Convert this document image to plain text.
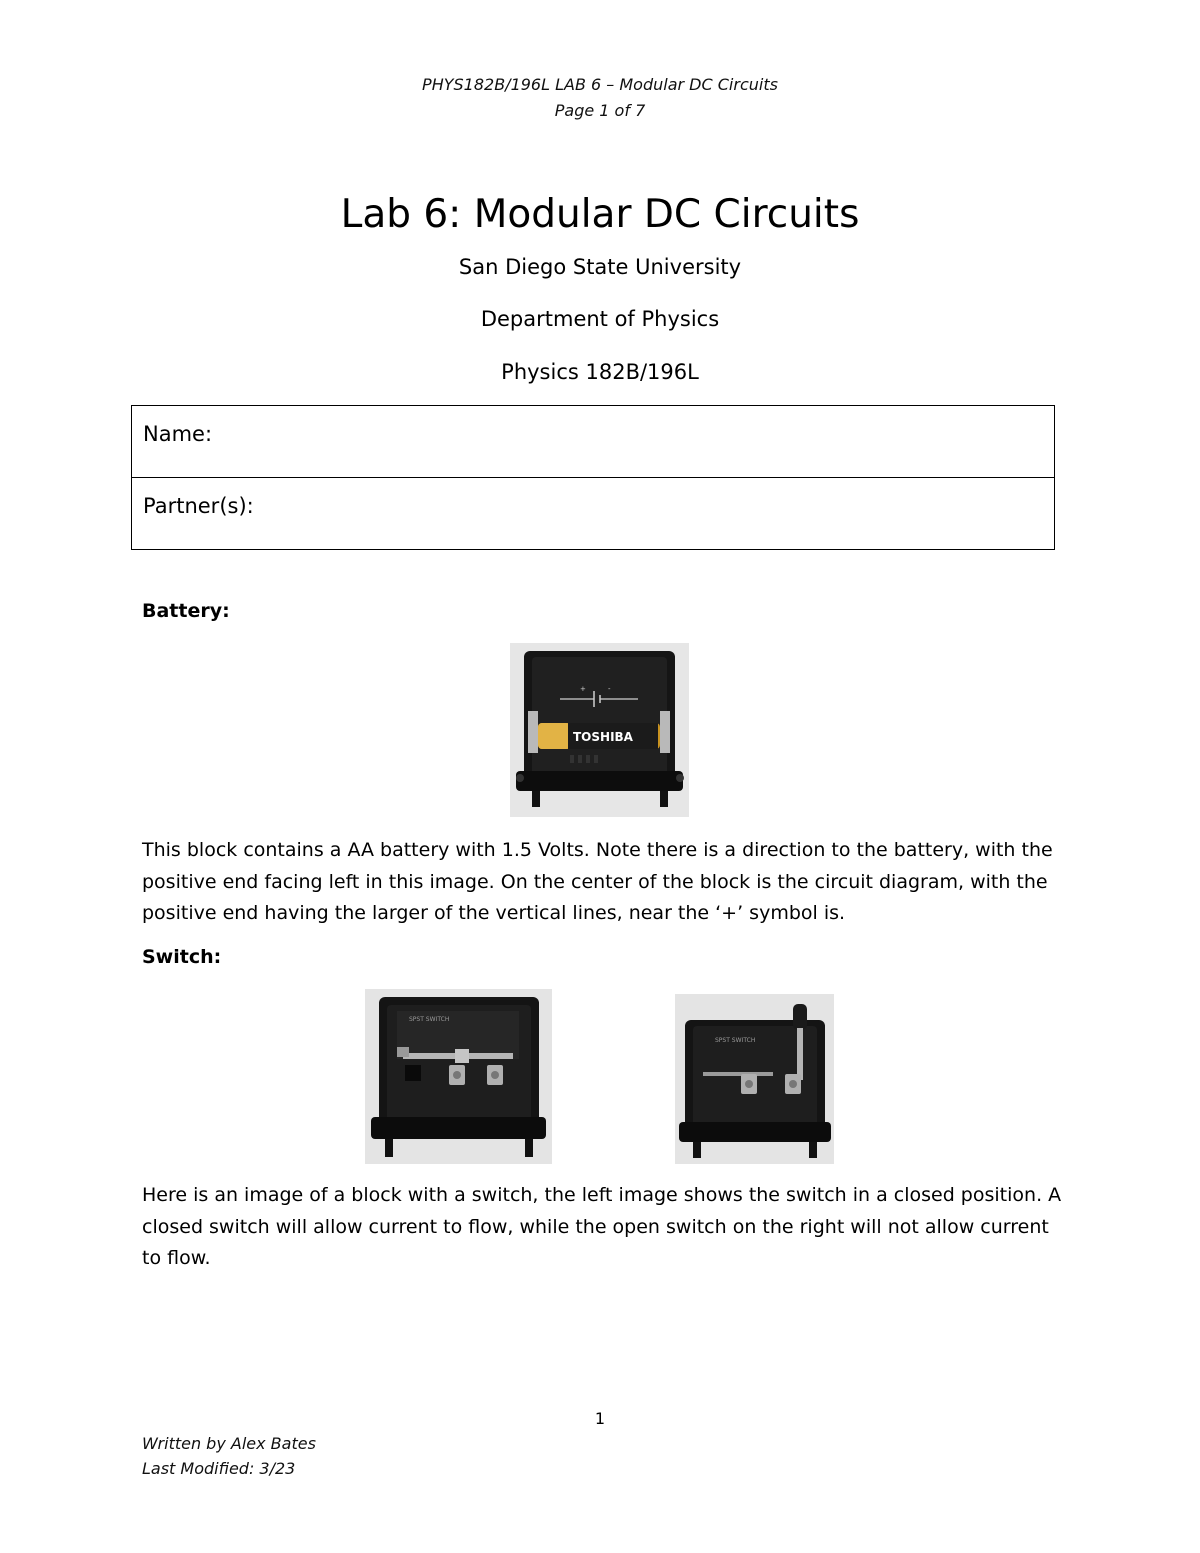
PHYS182B/196L LAB 6 – Modular DC Circuits
Page 1 of 7
Lab 6: Modular DC Circuits
San Diego State University
Department of Physics
Physics 182B/196L
Name:
Partner(s):
Battery:
+	-
TOSHIBA
This block contains a AA battery with 1.5 Volts. Note there is a direction to the battery, with the positive end facing left in this image. On the center of the block is the circuit diagram, with the positive end having the larger of the vertical lines, near the ‘+’ symbol is.
Switch:
SPST SWITCH
SPST SWITCH
Here is an image of a block with a switch, the left image shows the switch in a closed position. A closed switch will allow current to flow, while the open switch on the right will not allow current to flow.
1
Written by Alex Bates
Last Modified: 3/23
